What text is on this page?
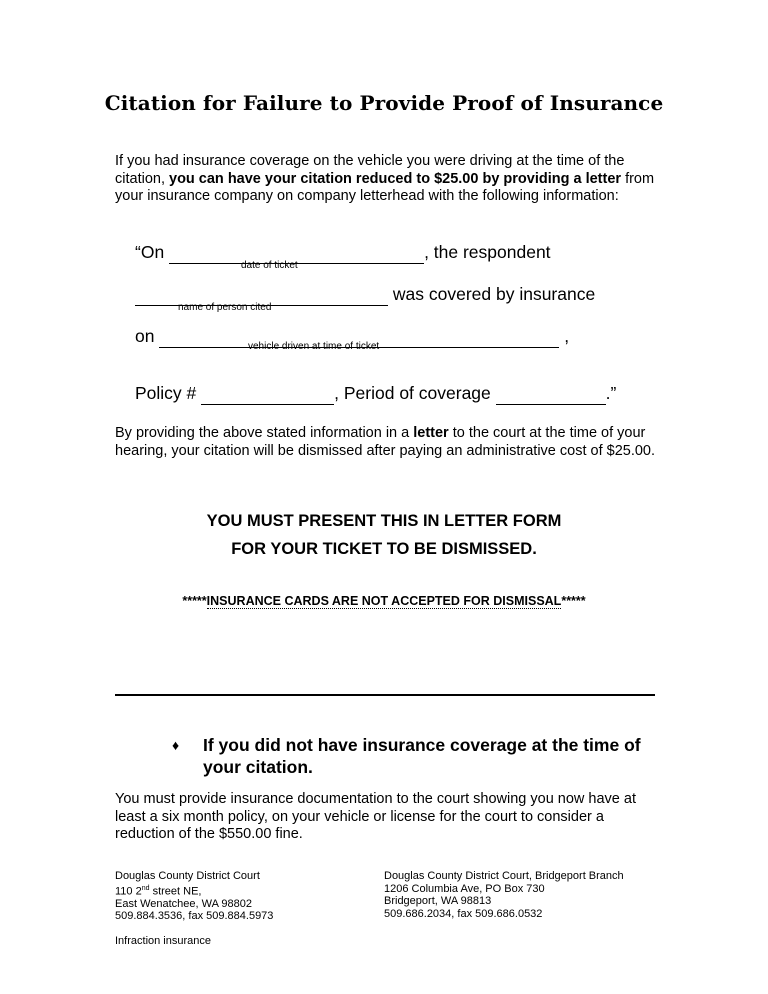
Citation for Failure to Provide Proof of Insurance
If you had insurance coverage on the vehicle you were driving at the time of the citation, you can have your citation reduced to $25.00 by providing a letter from your insurance company on company letterhead with the following information:
“On	, the respondent
date of ticket
was covered by insurance
name of person cited
on	,
vehicle driven at time of ticket
Policy #	, Period of coverage	.”
By providing the above stated information in a letter to the court at the time of your hearing, your citation will be dismissed after paying an administrative cost of $25.00.
YOU MUST PRESENT THIS IN LETTER FORM
FOR YOUR TICKET TO BE DISMISSED.
*****INSURANCE CARDS ARE NOT ACCEPTED FOR DISMISSAL*****
♦ If you did not have insurance coverage at the time of
your citation.
You must provide insurance documentation to the court showing you now have at least a six month policy, on your vehicle or license for the court to consider a reduction of the $550.00 fine.
Douglas County District Court
110 2nd street NE,
East Wenatchee, WA 98802
509.884.3536, fax 509.884.5973
Douglas County District Court, Bridgeport Branch
1206 Columbia Ave, PO Box 730
Bridgeport, WA 98813
509.686.2034, fax 509.686.0532
Infraction insurance
